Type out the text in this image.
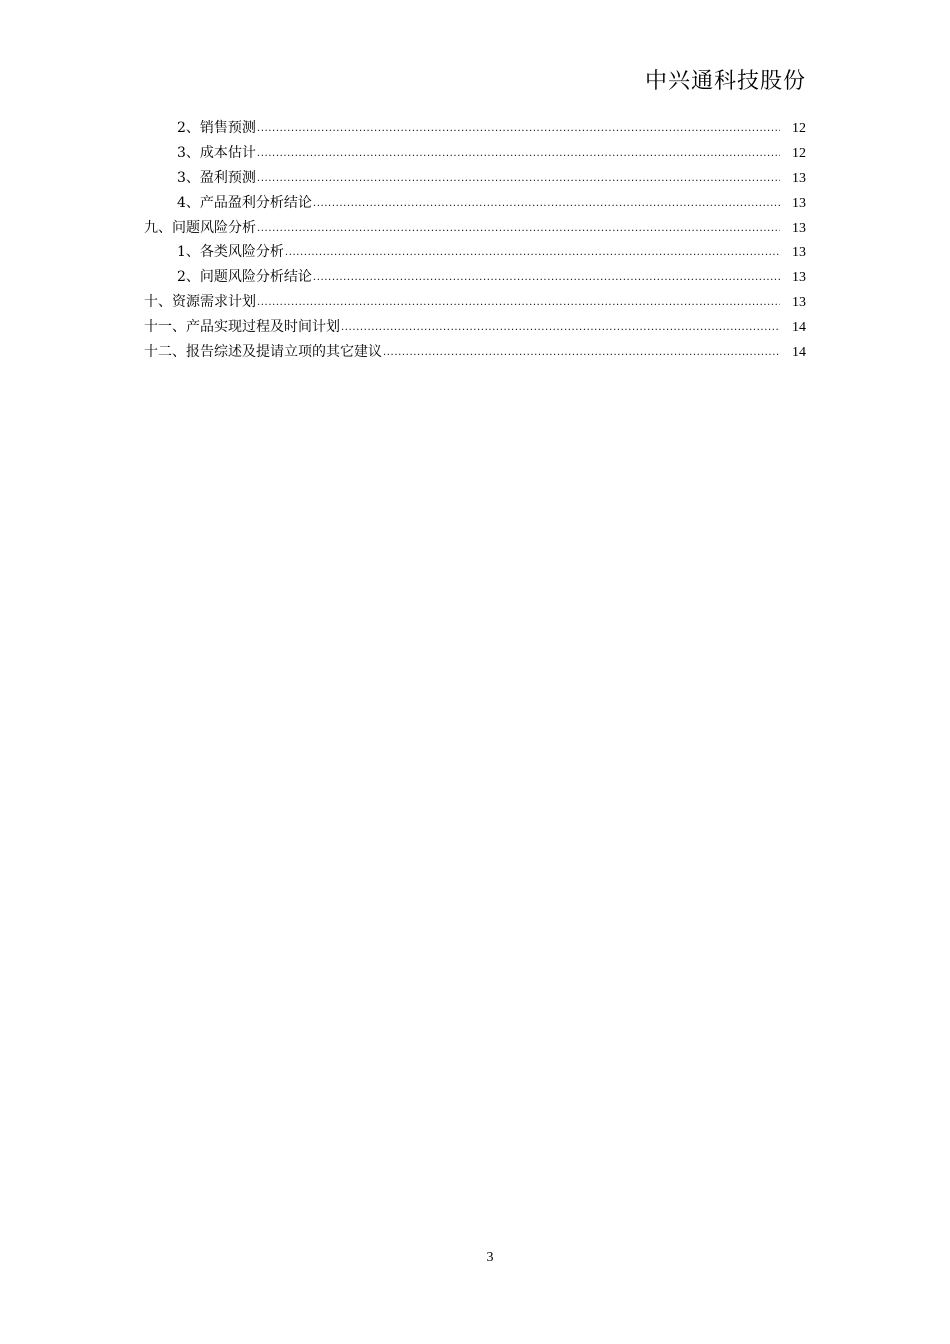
中兴通科技股份
2、销售预测 .....	12
3、成本估计 .....	12
3、盈利预测 .....	13
4、产品盈利分析结论 .....	13
九、问题风险分析 .....	13
1、各类风险分析 .....	13
2、问题风险分析结论 .....	13
十、资源需求计划 .....	13
十一、产品实现过程及时间计划 .....	14
十二、报告综述及提请立项的其它建议 .....	14
3
